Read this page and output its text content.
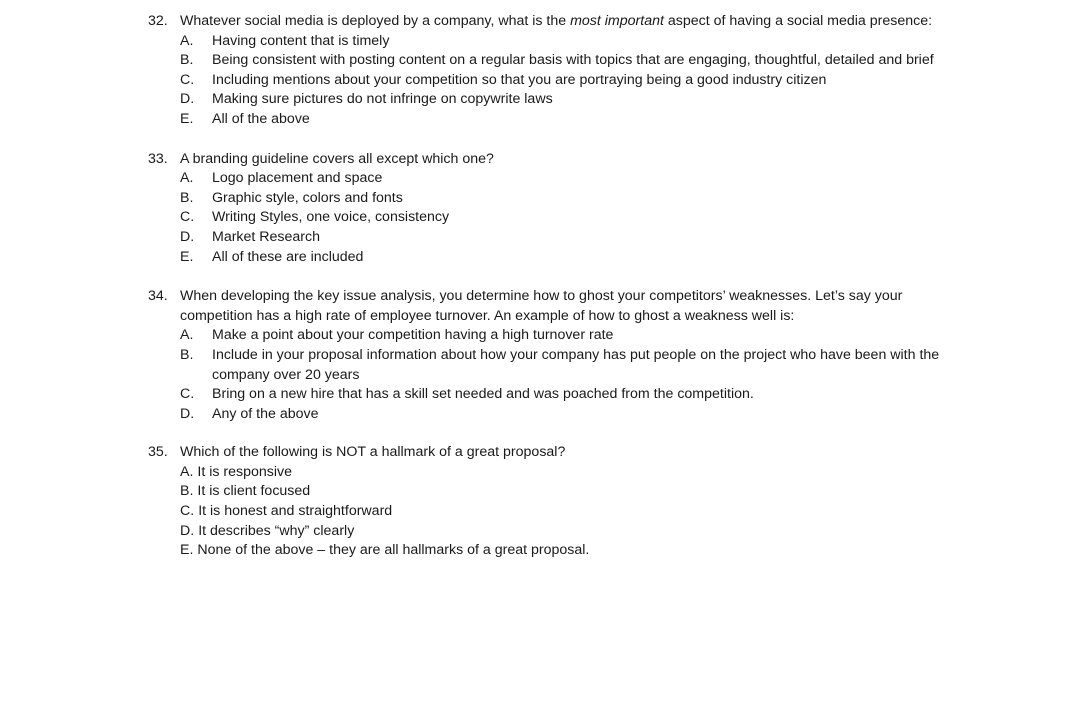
32. Whatever social media is deployed by a company, what is the most important aspect of having a social media presence:
A. Having content that is timely
B. Being consistent with posting content on a regular basis with topics that are engaging, thoughtful, detailed and brief
C. Including mentions about your competition so that you are portraying being a good industry citizen
D. Making sure pictures do not infringe on copywrite laws
E. All of the above
33. A branding guideline covers all except which one?
A. Logo placement and space
B. Graphic style, colors and fonts
C. Writing Styles, one voice, consistency
D. Market Research
E. All of these are included
34. When developing the key issue analysis, you determine how to ghost your competitors’ weaknesses. Let’s say your competition has a high rate of employee turnover. An example of how to ghost a weakness well is:
A. Make a point about your competition having a high turnover rate
B. Include in your proposal information about how your company has put people on the project who have been with the company over 20 years
C. Bring on a new hire that has a skill set needed and was poached from the competition.
D. Any of the above
35. Which of the following is NOT a hallmark of a great proposal?
A. It is responsive
B. It is client focused
C. It is honest and straightforward
D. It describes “why” clearly
E. None of the above – they are all hallmarks of a great proposal.
